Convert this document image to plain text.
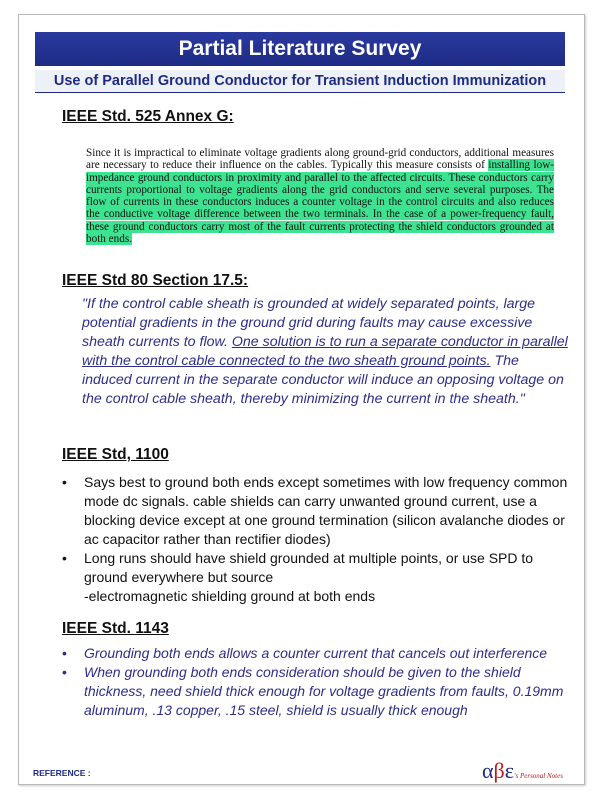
Partial Literature Survey
Use of Parallel Ground Conductor for Transient Induction Immunization
IEEE Std. 525 Annex G:
Since it is impractical to eliminate voltage gradients along ground-grid conductors, additional measures are necessary to reduce their influence on the cables. Typically this measure consists of installing low-impedance ground conductors in proximity and parallel to the affected circuits. These conductors carry currents proportional to voltage gradients along the grid conductors and serve several purposes. The flow of currents in these conductors induces a counter voltage in the control circuits and also reduces the conductive voltage difference between the two terminals. In the case of a power-frequency fault, these ground conductors carry most of the fault currents protecting the shield conductors grounded at both ends.
IEEE Std 80 Section 17.5:
"If the control cable sheath is grounded at widely separated points, large potential gradients in the ground grid during faults may cause excessive sheath currents to flow. One solution is to run a separate conductor in parallel with the control cable connected to the two sheath ground points. The induced current in the separate conductor will induce an opposing voltage on the control cable sheath, thereby minimizing the current in the sheath."
IEEE Std, 1100
• Says best to ground both ends except sometimes with low frequency common mode dc signals. cable shields can carry unwanted ground current, use a blocking device except at one ground termination (silicon avalanche diodes or ac capacitor rather than rectifier diodes)
• Long runs should have shield grounded at multiple points, or use SPD to ground everywhere but source
-electromagnetic shielding ground at both ends
IEEE Std. 1143
• Grounding both ends allows a counter current that cancels out interference
• When grounding both ends consideration should be given to the shield thickness, need shield thick enough for voltage gradients from faults, 0.19mm aluminum, .13 copper, .15 steel, shield is usually thick enough
REFERENCE :	αβε's Personal Notes
